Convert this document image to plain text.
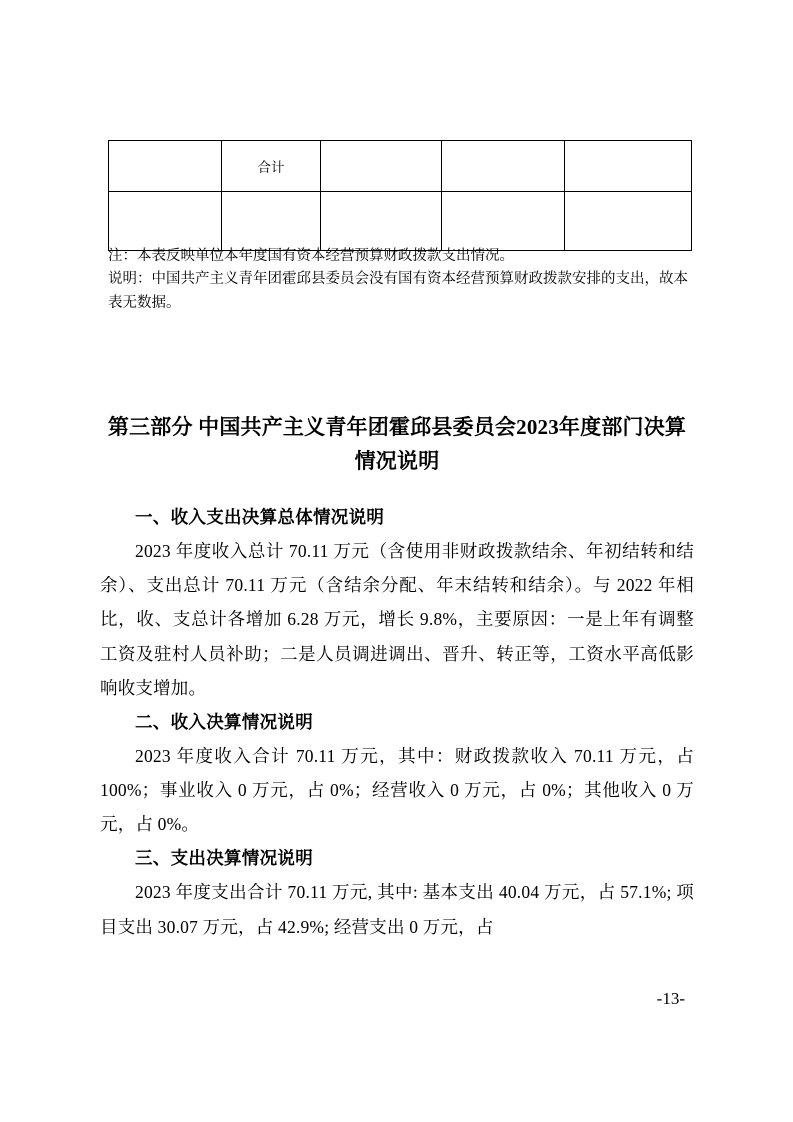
	合计			

注：本表反映单位本年度国有资本经营预算财政拨款支出情况。

说明：中国共产主义青年团霍邱县委员会没有国有资本经营预算财政拨款安排的支出，故本表无数据。

第三部分 中国共产主义青年团霍邱县委员会2023年度部门决算情况说明

一、收入支出决算总体情况说明

2023 年度收入总计 70.11 万元（含使用非财政拨款结余、年初结转和结余）、支出总计 70.11 万元（含结余分配、年末结转和结余）。与 2022 年相比，收、支总计各增加 6.28 万元，增长 9.8%，主要原因：一是上年有调整工资及驻村人员补助；二是人员调进调出、晋升、转正等，工资水平高低影响收支增加。

二、收入决算情况说明

2023 年度收入合计 70.11 万元，其中：财政拨款收入 70.11 万元，占 100%；事业收入 0 万元，占 0%；经营收入 0 万元，占 0%；其他收入 0 万元，占 0%。

三、支出决算情况说明

2023 年度支出合计 70.11 万元, 其中: 基本支出 40.04 万元，占 57.1%; 项目支出 30.07 万元，占 42.9%; 经营支出 0 万元，占

-13-
